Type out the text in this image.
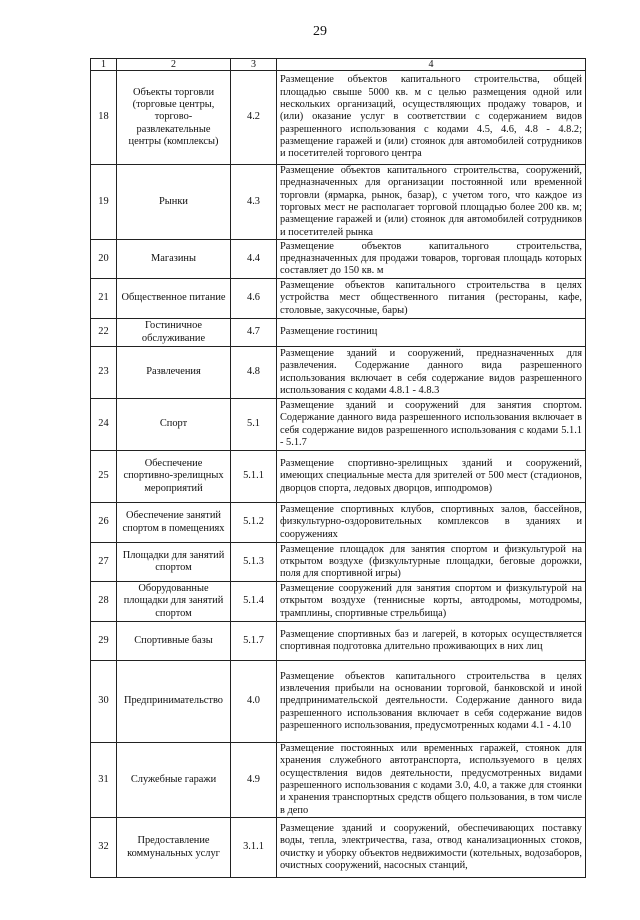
29
1	2	3	4
18	Объекты торговли (торговые центры, торгово-развлекательные центры (комплексы)	4.2	Размещение объектов капитального строительства, общей площадью свыше 5000 кв. м с целью размещения одной или нескольких организаций, осуществляющих продажу товаров, и (или) оказание услуг в соответствии с содержанием видов разрешенного использования с кодами 4.5, 4.6, 4.8 - 4.8.2; размещение гаражей и (или) стоянок для автомобилей сотрудников и посетителей торгового центра
19	Рынки	4.3	Размещение объектов капитального строительства, сооружений, предназначенных для организации постоянной или временной торговли (ярмарка, рынок, базар), с учетом того, что каждое из торговых мест не располагает торговой площадью более 200 кв. м; размещение гаражей и (или) стоянок для автомобилей сотрудников и посетителей рынка
20	Магазины	4.4	Размещение объектов капитального строительства, предназначенных для продажи товаров, торговая площадь которых составляет до 150 кв. м
21	Общественное питание	4.6	Размещение объектов капитального строительства в целях устройства мест общественного питания (рестораны, кафе, столовые, закусочные, бары)
22	Гостиничное обслуживание	4.7	Размещение гостиниц
23	Развлечения	4.8	Размещение зданий и сооружений, предназначенных для развлечения. Содержание данного вида разрешенного использования включает в себя содержание видов разрешенного использования с кодами 4.8.1 - 4.8.3
24	Спорт	5.1	Размещение зданий и сооружений для занятия спортом. Содержание данного вида разрешенного использования включает в себя содержание видов разрешенного использования с кодами 5.1.1 - 5.1.7
25	Обеспечение спортивно-зрелищных мероприятий	5.1.1	Размещение спортивно-зрелищных зданий и сооружений, имеющих специальные места для зрителей от 500 мест (стадионов, дворцов спорта, ледовых дворцов, ипподромов)
26	Обеспечение занятий спортом в помещениях	5.1.2	Размещение спортивных клубов, спортивных залов, бассейнов, физкультурно-оздоровительных комплексов в зданиях и сооружениях
27	Площадки для занятий спортом	5.1.3	Размещение площадок для занятия спортом и физкультурой на открытом воздухе (физкультурные площадки, беговые дорожки, поля для спортивной игры)
28	Оборудованные площадки для занятий спортом	5.1.4	Размещение сооружений для занятия спортом и физкультурой на открытом воздухе (теннисные корты, автодромы, мотодромы, трамплины, спортивные стрельбища)
29	Спортивные базы	5.1.7	Размещение спортивных баз и лагерей, в которых осуществляется спортивная подготовка длительно проживающих в них лиц
30	Предпринимательство	4.0	Размещение объектов капитального строительства в целях извлечения прибыли на основании торговой, банковской и иной предпринимательской деятельности. Содержание данного вида разрешенного использования включает в себя содержание видов разрешенного использования, предусмотренных кодами 4.1 - 4.10
31	Служебные гаражи	4.9	Размещение постоянных или временных гаражей, стоянок для хранения служебного автотранспорта, используемого в целях осуществления видов деятельности, предусмотренных видами разрешенного использования с кодами 3.0, 4.0, а также для стоянки и хранения транспортных средств общего пользования, в том числе в депо
32	Предоставление коммунальных услуг	3.1.1	Размещение зданий и сооружений, обеспечивающих поставку воды, тепла, электричества, газа, отвод канализационных стоков, очистку и уборку объектов недвижимости (котельных, водозаборов, очистных сооружений, насосных станций,
